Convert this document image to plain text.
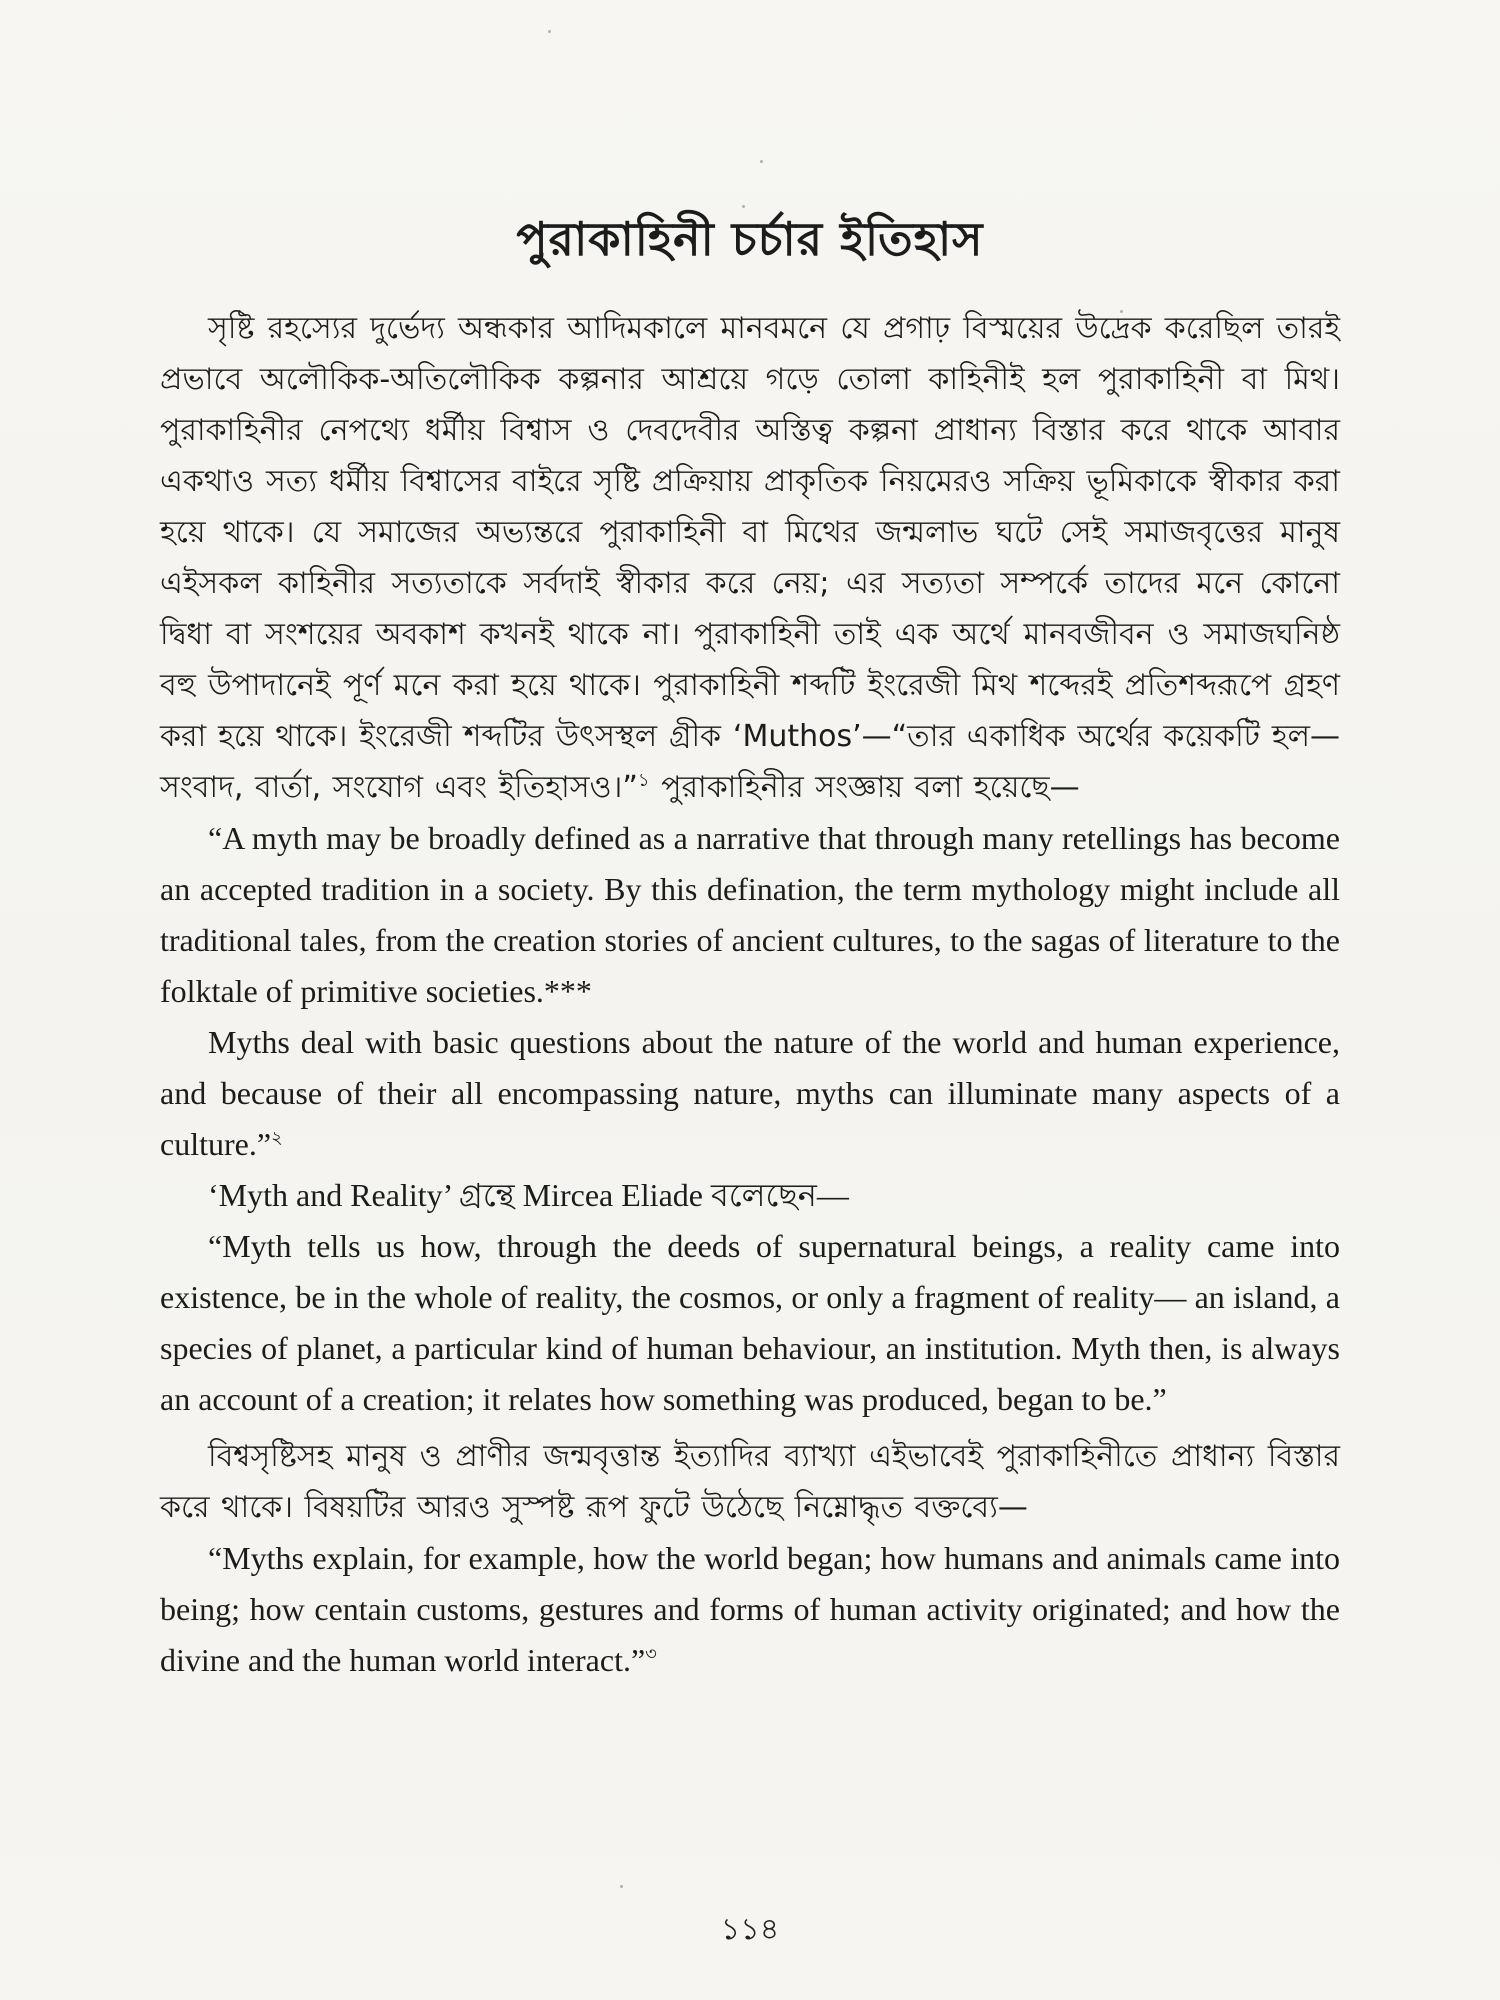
পুরাকাহিনী চর্চার ইতিহাস

সৃষ্টি রহস্যের দুর্ভেদ্য অন্ধকার আদিমকালে মানবমনে যে প্রগাঢ় বিস্ময়ের উদ্রেক করেছিল তারই প্রভাবে অলৌকিক-অতিলৌকিক কল্পনার আশ্রয়ে গড়ে তোলা কাহিনীই হল পুরাকাহিনী বা মিথ। পুরাকাহিনীর নেপথ্যে ধর্মীয় বিশ্বাস ও দেবদেবীর অস্তিত্ব কল্পনা প্রাধান্য বিস্তার করে থাকে আবার একথাও সত্য ধর্মীয় বিশ্বাসের বাইরে সৃষ্টি প্রক্রিয়ায় প্রাকৃতিক নিয়মেরও সক্রিয় ভূমিকাকে স্বীকার করা হয়ে থাকে। যে সমাজের অভ্যন্তরে পুরাকাহিনী বা মিথের জন্মলাভ ঘটে সেই সমাজবৃত্তের মানুষ এইসকল কাহিনীর সত্যতাকে সর্বদাই স্বীকার করে নেয়; এর সত্যতা সম্পর্কে তাদের মনে কোনো দ্বিধা বা সংশয়ের অবকাশ কখনই থাকে না। পুরাকাহিনী তাই এক অর্থে মানবজীবন ও সমাজঘনিষ্ঠ বহু উপাদানেই পূর্ণ মনে করা হয়ে থাকে। পুরাকাহিনী শব্দটি ইংরেজী মিথ শব্দেরই প্রতিশব্দরূপে গ্রহণ করা হয়ে থাকে। ইংরেজী শব্দটির উৎসস্থল গ্রীক ‘Muthos’—“তার একাধিক অর্থের কয়েকটি হল— সংবাদ, বার্তা, সংযোগ এবং ইতিহাসও।”$^১$ পুরাকাহিনীর সংজ্ঞায় বলা হয়েছে—

“A myth may be broadly defined as a narrative that through many retellings has become an accepted tradition in a society. By this defination, the term mythology might include all traditional tales, from the creation stories of ancient cultures, to the sagas of literature to the folktale of primitive societies.***

Myths deal with basic questions about the nature of the world and human experience, and because of their all encompassing nature, myths can illuminate many aspects of a culture.”$^২$

‘Myth and Reality’ গ্রন্থে Mircea Eliade বলেছেন—

“Myth tells us how, through the deeds of supernatural beings, a reality came into existence, be in the whole of reality, the cosmos, or only a fragment of reality— an island, a species of planet, a particular kind of human behaviour, an institution. Myth then, is always an account of a creation; it relates how something was produced, began to be.”

বিশ্বসৃষ্টিসহ মানুষ ও প্রাণীর জন্মবৃত্তান্ত ইত্যাদির ব্যাখ্যা এইভাবেই পুরাকাহিনীতে প্রাধান্য বিস্তার করে থাকে। বিষয়টির আরও সুস্পষ্ট রূপ ফুটে উঠেছে নিম্নোদ্ধৃত বক্তব্যে—

“Myths explain, for example, how the world began; how humans and animals came into being; how centain customs, gestures and forms of human activity originated; and how the divine and the human world interact.”$^৩$

১১৪
